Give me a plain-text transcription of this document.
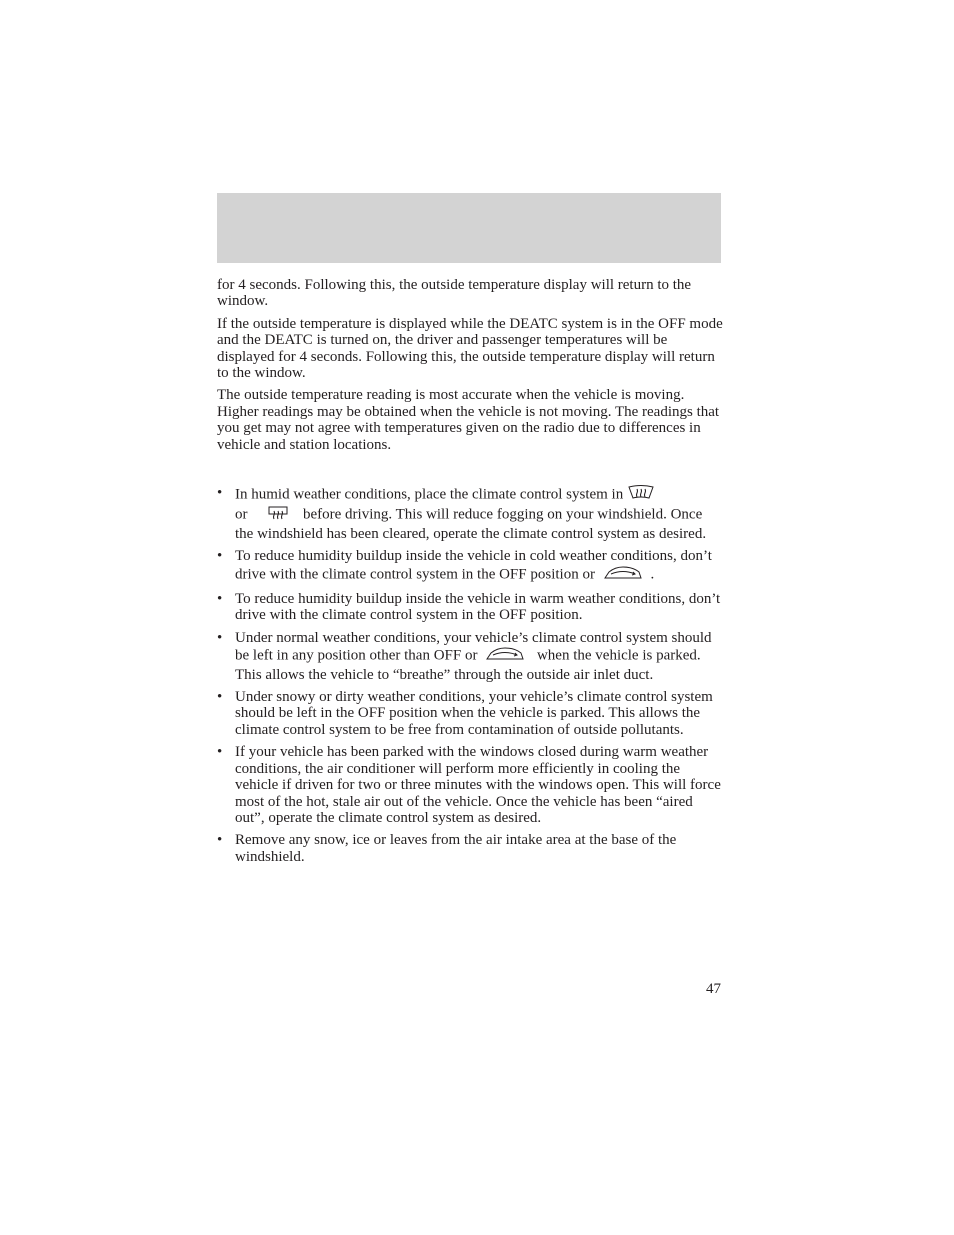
for 4 seconds. Following this, the outside temperature display will return to the window.

If the outside temperature is displayed while the DEATC system is in the OFF mode and the DEATC is turned on, the driver and passenger temperatures will be displayed for 4 seconds. Following this, the outside temperature display will return to the window.

The outside temperature reading is most accurate when the vehicle is moving. Higher readings may be obtained when the vehicle is not moving. The readings that you get may not agree with temperatures given on the radio due to differences in vehicle and station locations.

• In humid weather conditions, place the climate control system in
or	before driving. This will reduce fogging on your windshield. Once the windshield has been cleared, operate the climate control system as desired.
• To reduce humidity buildup inside the vehicle in cold weather conditions, don’t drive with the climate control system in the OFF position or	.
• To reduce humidity buildup inside the vehicle in warm weather conditions, don’t drive with the climate control system in the OFF position.
• Under normal weather conditions, your vehicle’s climate control system should be left in any position other than OFF or	when the vehicle is parked. This allows the vehicle to “breathe” through the outside air inlet duct.
• Under snowy or dirty weather conditions, your vehicle’s climate control system should be left in the OFF position when the vehicle is parked. This allows the climate control system to be free from contamination of outside pollutants.
• If your vehicle has been parked with the windows closed during warm weather conditions, the air conditioner will perform more efficiently in cooling the vehicle if driven for two or three minutes with the windows open. This will force most of the hot, stale air out of the vehicle. Once the vehicle has been “aired out”, operate the climate control system as desired.
• Remove any snow, ice or leaves from the air intake area at the base of the windshield.
47
